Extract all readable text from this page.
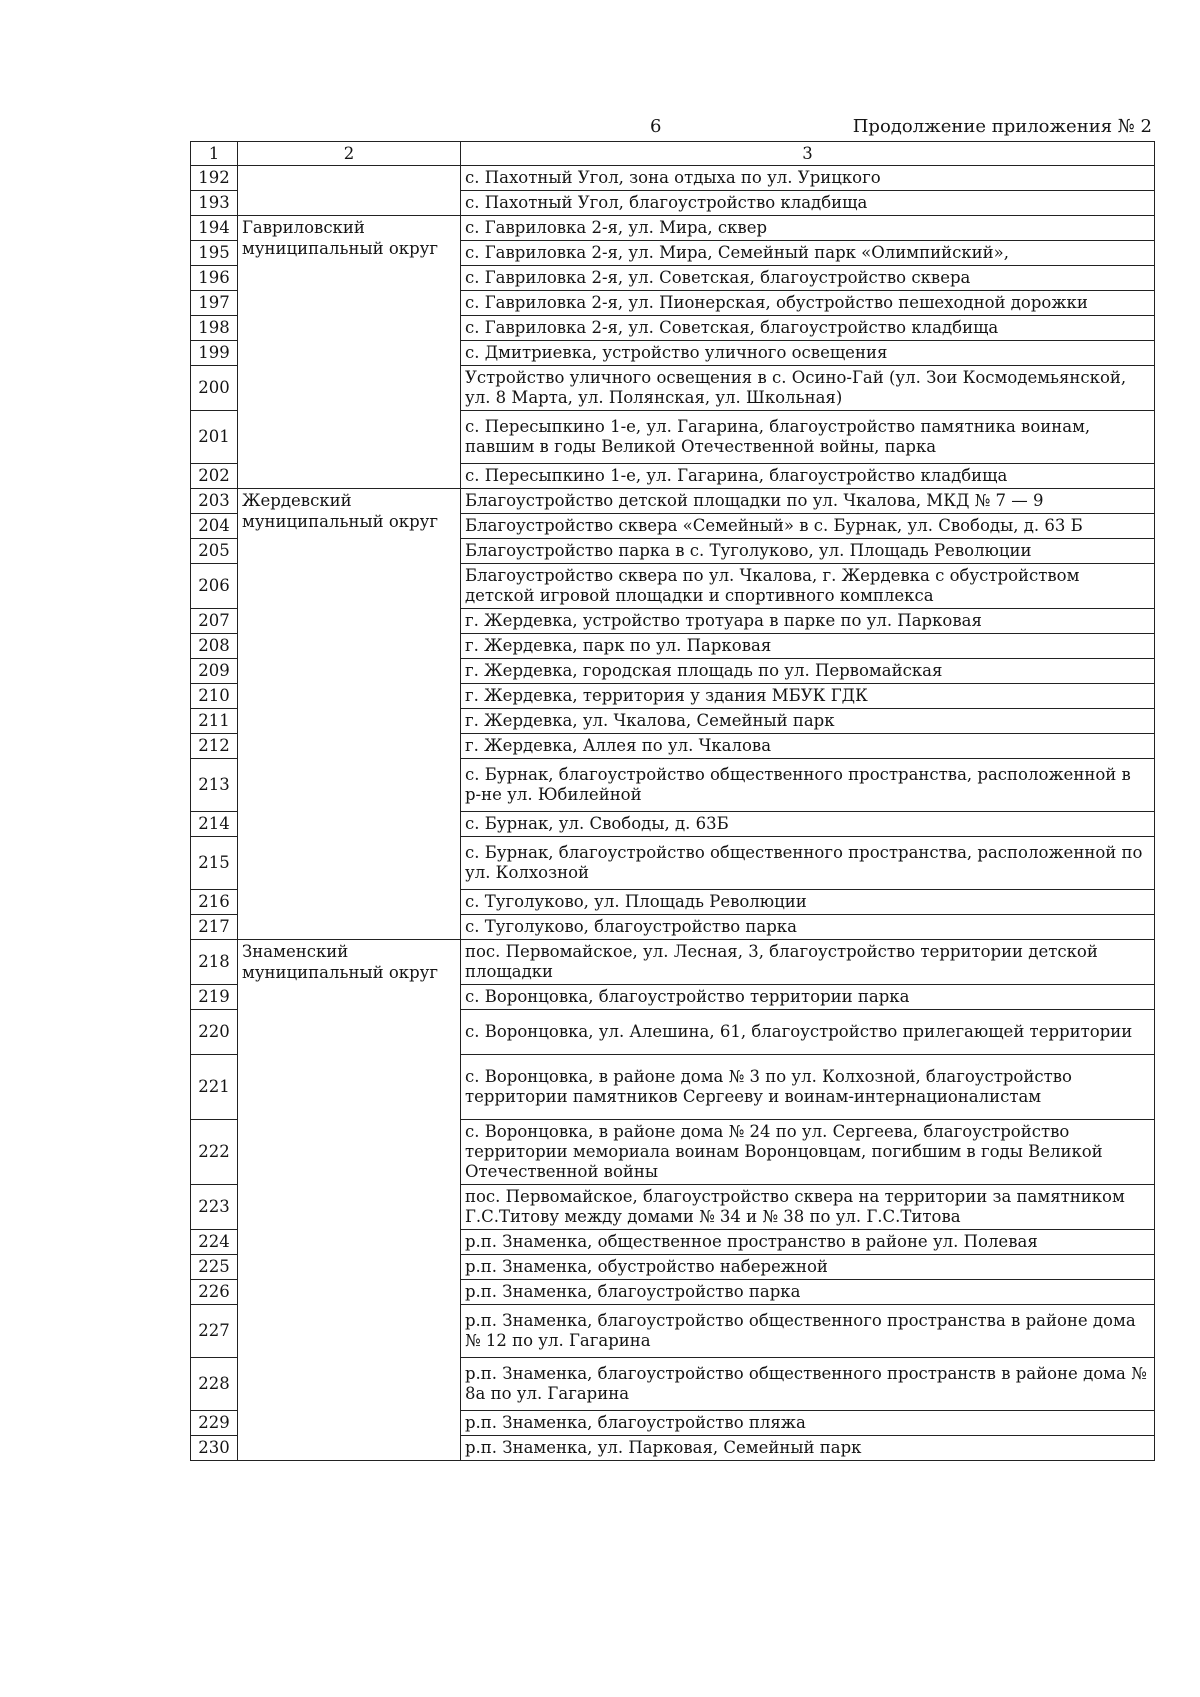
6	Продолжение приложения № 2
1	2	3
192		с. Пахотный Угол, зона отдыха по ул. Урицкого
193		с. Пахотный Угол, благоустройство кладбища
194	Гавриловский муниципальный округ	с. Гавриловка 2-я, ул. Мира, сквер
195		с. Гавриловка 2-я, ул. Мира, Семейный парк «Олимпийский»,
196		с. Гавриловка 2-я, ул. Советская, благоустройство сквера
197		с. Гавриловка 2-я, ул. Пионерская, обустройство пешеходной дорожки
198		с. Гавриловка 2-я, ул. Советская, благоустройство кладбища
199		с. Дмитриевка, устройство уличного освещения
200		Устройство уличного освещения в с. Осино-Гай (ул. Зои Космодемьянской, ул. 8 Марта, ул. Полянская, ул. Школьная)
201		с. Пересыпкино 1-е, ул. Гагарина, благоустройство памятника воинам, павшим в годы Великой Отечественной войны, парка
202		с. Пересыпкино 1-е, ул. Гагарина, благоустройство кладбища
203	Жердевский муниципальный округ	Благоустройство детской площадки по ул. Чкалова, МКД № 7 — 9
204		Благоустройство сквера «Семейный» в с. Бурнак, ул. Свободы, д. 63 Б
205		Благоустройство парка в с. Туголуково, ул. Площадь Революции
206		Благоустройство сквера по ул. Чкалова, г. Жердевка с обустройством детской игровой площадки и спортивного комплекса
207		г. Жердевка, устройство тротуара в парке по ул. Парковая
208		г. Жердевка, парк по ул. Парковая
209		г. Жердевка, городская площадь по ул. Первомайская
210		г. Жердевка, территория у здания МБУК ГДК
211		г. Жердевка, ул. Чкалова, Семейный парк
212		г. Жердевка, Аллея по ул. Чкалова
213		с. Бурнак, благоустройство общественного пространства, расположенной в р-не ул. Юбилейной
214		с. Бурнак, ул. Свободы, д. 63Б
215		с. Бурнак, благоустройство общественного пространства, расположенной по ул. Колхозной
216		с. Туголуково, ул. Площадь Революции
217		с. Туголуково, благоустройство парка
218	Знаменский муниципальный округ	пос. Первомайское, ул. Лесная, 3, благоустройство территории детской площадки
219		с. Воронцовка, благоустройство территории парка
220		с. Воронцовка, ул. Алешина, 61, благоустройство прилегающей территории
221		с. Воронцовка, в районе дома № 3 по ул. Колхозной, благоустройство территории памятников Сергееву и воинам-интернационалистам
222		с. Воронцовка, в районе дома № 24 по ул. Сергеева, благоустройство территории мемориала воинам Воронцовцам, погибшим в годы Великой Отечественной войны
223		пос. Первомайское, благоустройство сквера на территории за памятником Г.С.Титову между домами № 34 и № 38 по ул. Г.С.Титова
224		р.п. Знаменка, общественное пространство в районе ул. Полевая
225		р.п. Знаменка, обустройство набережной
226		р.п. Знаменка, благоустройство парка
227		р.п. Знаменка, благоустройство общественного пространства в районе дома № 12 по ул. Гагарина
228		р.п. Знаменка, благоустройство общественного пространств в районе дома № 8а по ул. Гагарина
229		р.п. Знаменка, благоустройство пляжа
230		р.п. Знаменка, ул. Парковая, Семейный парк
